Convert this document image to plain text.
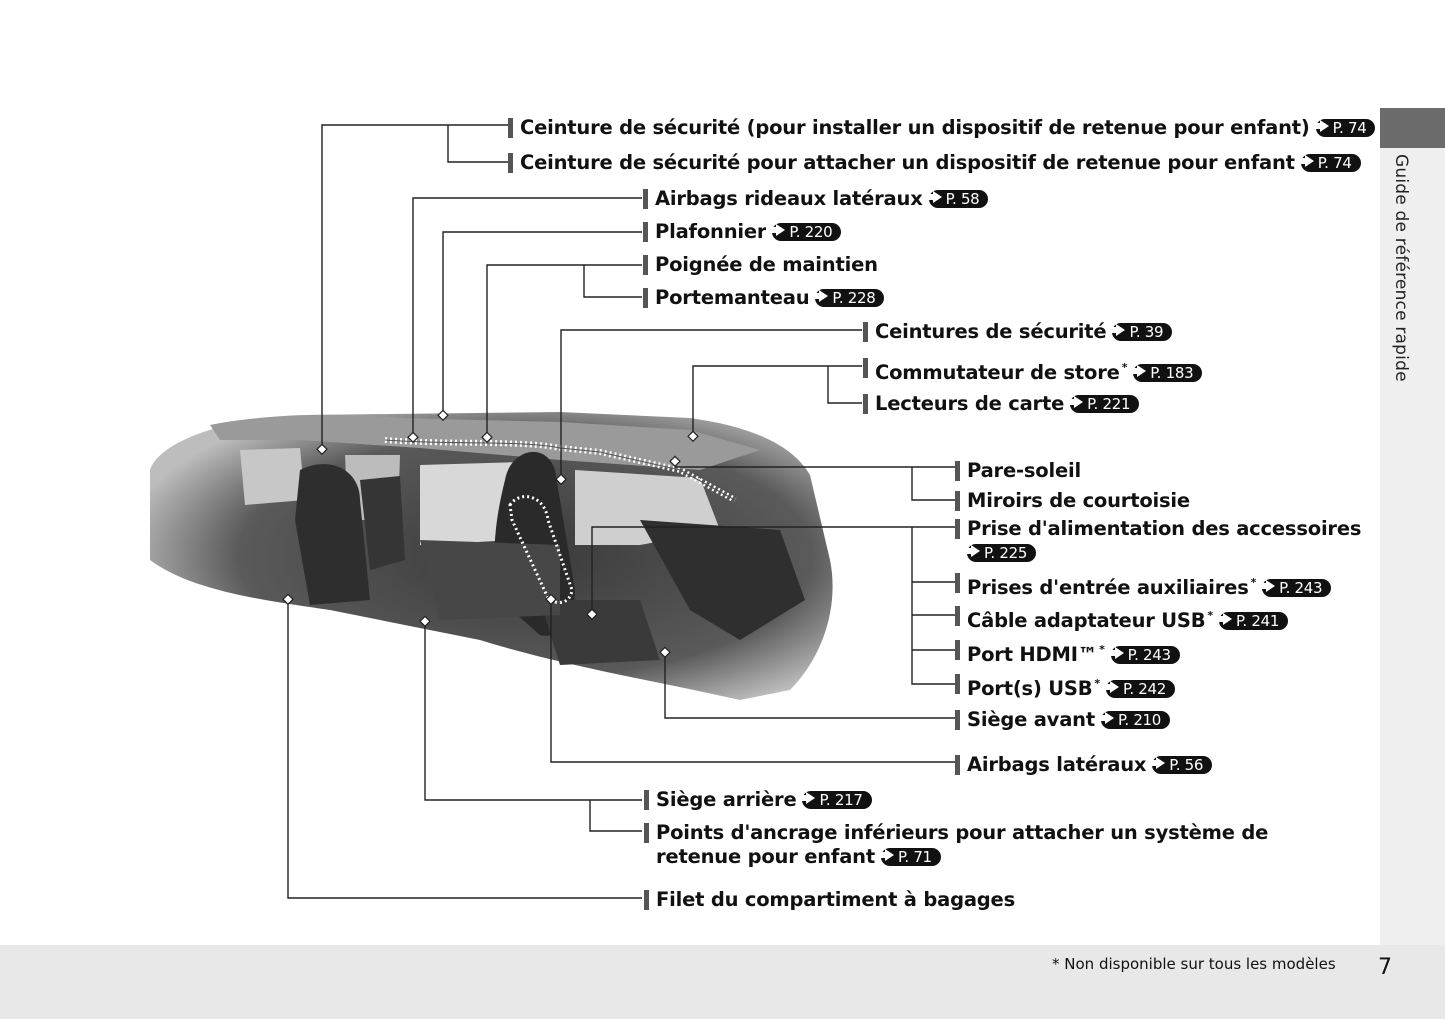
Guide de référence rapide
Ceinture de sécurité (pour installer un dispositif de retenue pour enfant) P. 74
Ceinture de sécurité pour attacher un dispositif de retenue pour enfant P. 74
Airbags rideaux latéraux P. 58
Plafonnier P. 220
Poignée de maintien
Portemanteau P. 228
Ceintures de sécurité P. 39
Commutateur de store * P. 183
Lecteurs de carte P. 221
Pare-soleil
Miroirs de courtoisie
Prise d'alimentation des accessoires
P. 225
Prises d'entrée auxiliaires * P. 243
Câble adaptateur USB * P. 241
Port HDMI™ * P. 243
Port(s) USB * P. 242
Siège avant P. 210
Airbags latéraux P. 56
Siège arrière P. 217
Points d'ancrage inférieurs pour attacher un système de
retenue pour enfant P. 71
Filet du compartiment à bagages
* Non disponible sur tous les modèles 7
